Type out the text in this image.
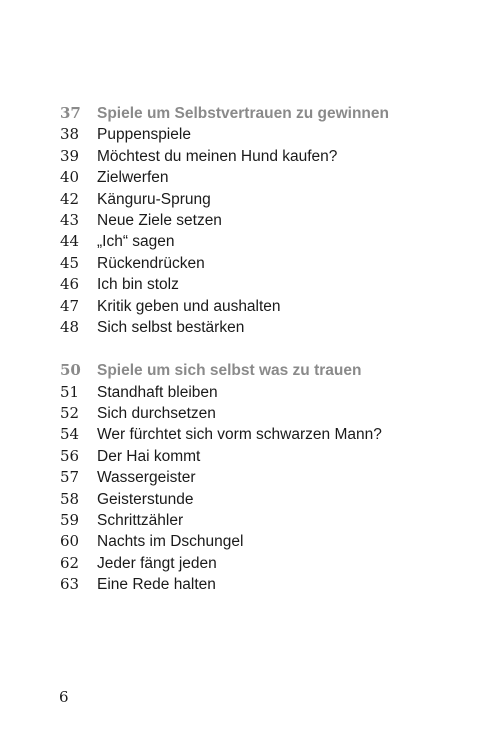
37	Spiele um Selbstvertrauen zu gewinnen
38	Puppenspiele
39	Möchtest du meinen Hund kaufen?
40	Zielwerfen
42	Känguru-Sprung
43	Neue Ziele setzen
44	„Ich“ sagen
45	Rückendrücken
46	Ich bin stolz
47	Kritik geben und aushalten
48	Sich selbst bestärken
50	Spiele um sich selbst was zu trauen
51	Standhaft bleiben
52	Sich durchsetzen
54	Wer fürchtet sich vorm schwarzen Mann?
56	Der Hai kommt
57	Wassergeister
58	Geisterstunde
59	Schrittzähler
60	Nachts im Dschungel
62	Jeder fängt jeden
63	Eine Rede halten
6
